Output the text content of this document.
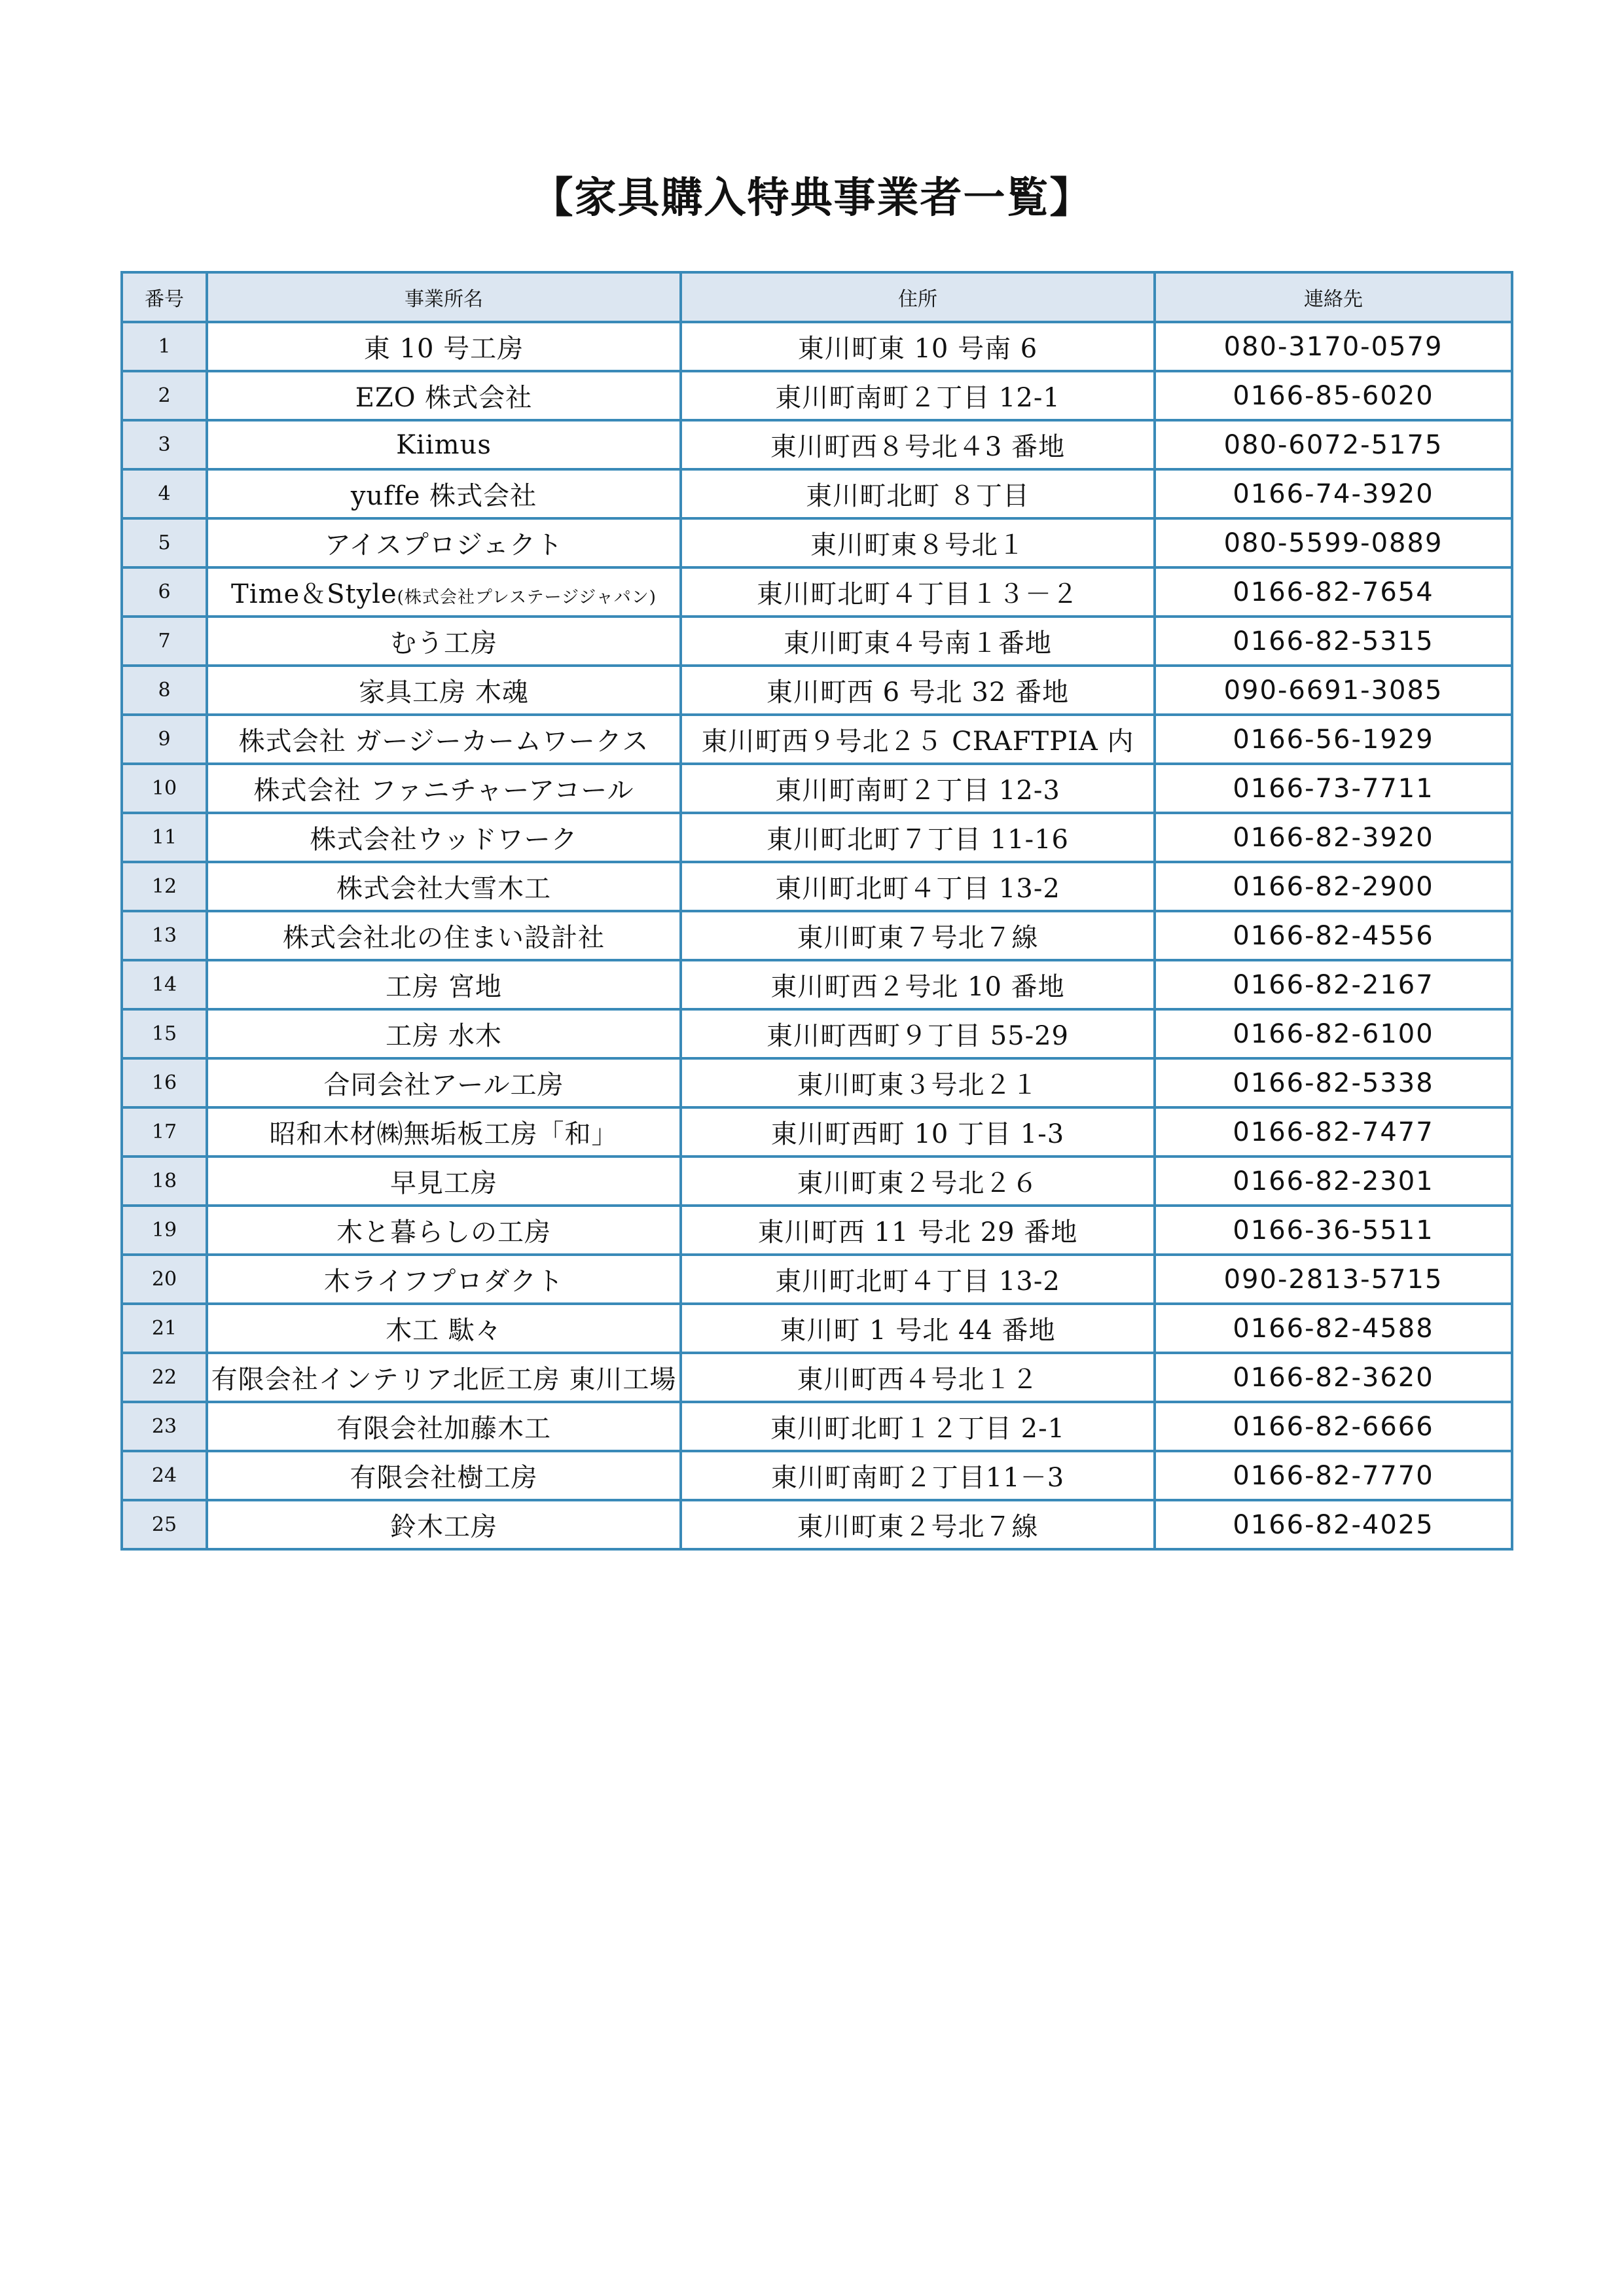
【家具購入特典事業者一覧】
番号	事業所名	住所	連絡先
1	東 10 号工房	東川町東 10 号南 6	080-3170-0579
2	EZO 株式会社	東川町南町２丁目 12-1	0166-85-6020
3	Kiimus	東川町西８号北４3 番地	080-6072-5175
4	yuffe 株式会社	東川町北町 ８丁目	0166-74-3920
5	アイスプロジェクト	東川町東８号北１	080-5599-0889
6	Time＆Style(株式会社プレステージジャパン)	東川町北町４丁目１３－２	0166-82-7654
7	むう工房	東川町東４号南１番地	0166-82-5315
8	家具工房 木魂	東川町西 6 号北 32 番地	090-6691-3085
9	株式会社 ガージーカームワークス	東川町西９号北２５ CRAFTPIA 内	0166-56-1929
10	株式会社 ファニチャーアコール	東川町南町２丁目 12-3	0166-73-7711
11	株式会社ウッドワーク	東川町北町７丁目 11-16	0166-82-3920
12	株式会社大雪木工	東川町北町４丁目 13-2	0166-82-2900
13	株式会社北の住まい設計社	東川町東７号北７線	0166-82-4556
14	工房 宮地	東川町西２号北 10 番地	0166-82-2167
15	工房 水木	東川町西町９丁目 55-29	0166-82-6100
16	合同会社アール工房	東川町東３号北２１	0166-82-5338
17	昭和木材㈱無垢板工房「和」	東川町西町 10 丁目 1-3	0166-82-7477
18	早見工房	東川町東２号北２６	0166-82-2301
19	木と暮らしの工房	東川町西 11 号北 29 番地	0166-36-5511
20	木ライフプロダクト	東川町北町４丁目 13-2	090-2813-5715
21	木工 駄々	東川町 1 号北 44 番地	0166-82-4588
22	有限会社インテリア北匠工房 東川工場	東川町西４号北１２	0166-82-3620
23	有限会社加藤木工	東川町北町１２丁目 2-1	0166-82-6666
24	有限会社樹工房	東川町南町２丁目11－3	0166-82-7770
25	鈴木工房	東川町東２号北７線	0166-82-4025
